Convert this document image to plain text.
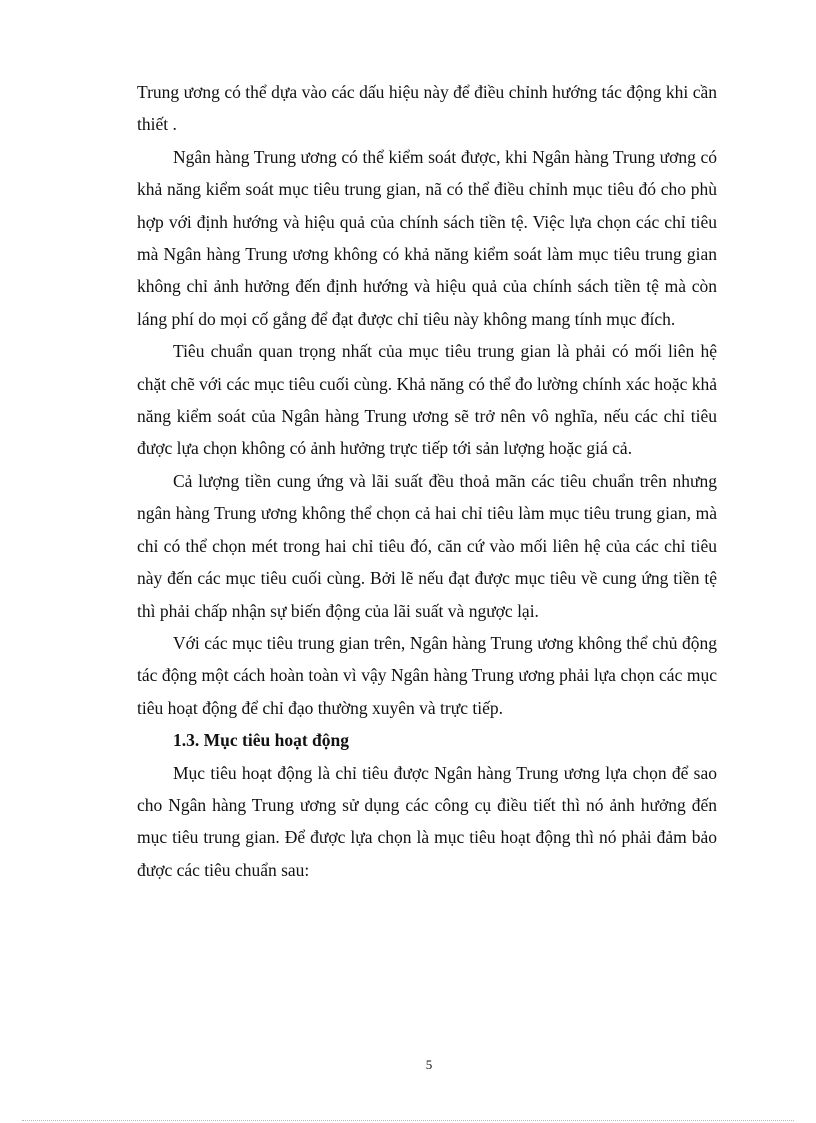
Trung ương có thể dựa vào các dấu hiệu này để điều chỉnh hướng tác động khi cần thiết .

Ngân hàng Trung ương có thể kiểm soát được, khi Ngân hàng Trung ương có khả năng kiểm soát mục tiêu trung gian, nã có thể điều chỉnh mục tiêu đó cho phù hợp với định hướng và hiệu quả của chính sách tiền tệ. Việc lựa chọn các chỉ tiêu mà Ngân hàng Trung ương không có khả năng kiểm soát làm mục tiêu trung gian không chỉ ảnh hưởng đến định hướng và hiệu quả của chính sách tiền tệ mà còn láng phí do mọi cố gắng để đạt được chỉ tiêu này không mang tính mục đích.

Tiêu chuẩn quan trọng nhất của mục tiêu trung gian là phải có mối liên hệ chặt chẽ với các mục tiêu cuối cùng. Khả năng có thể đo lường chính xác hoặc khả năng kiểm soát của Ngân hàng Trung ương sẽ trở nên vô nghĩa, nếu các chỉ tiêu được lựa chọn không có ảnh hưởng trực tiếp tới sản lượng hoặc giá cả.

Cả lượng tiền cung ứng và lãi suất đều thoả mãn các tiêu chuẩn trên nhưng ngân hàng Trung ương không thể chọn cả hai chỉ tiêu làm mục tiêu trung gian, mà chỉ có thể chọn mét trong hai chỉ tiêu đó, căn cứ vào mối liên hệ của các chỉ tiêu này đến các mục tiêu cuối cùng. Bởi lẽ nếu đạt được mục tiêu về cung ứng tiền tệ thì phải chấp nhận sự biến động của lãi suất và ngược lại.

Với các mục tiêu trung gian trên, Ngân hàng Trung ương không thể chủ động tác động một cách hoàn toàn vì vậy Ngân hàng Trung ương phải lựa chọn các mục tiêu hoạt động để chỉ đạo thường xuyên và trực tiếp.

1.3. Mục tiêu hoạt động

Mục tiêu hoạt động là chỉ tiêu được Ngân hàng Trung ương lựa chọn để sao cho Ngân hàng Trung ương sử dụng các công cụ điều tiết thì nó ảnh hưởng đến mục tiêu trung gian. Để được lựa chọn là mục tiêu hoạt động thì nó phải đảm bảo được các tiêu chuẩn sau:

5
